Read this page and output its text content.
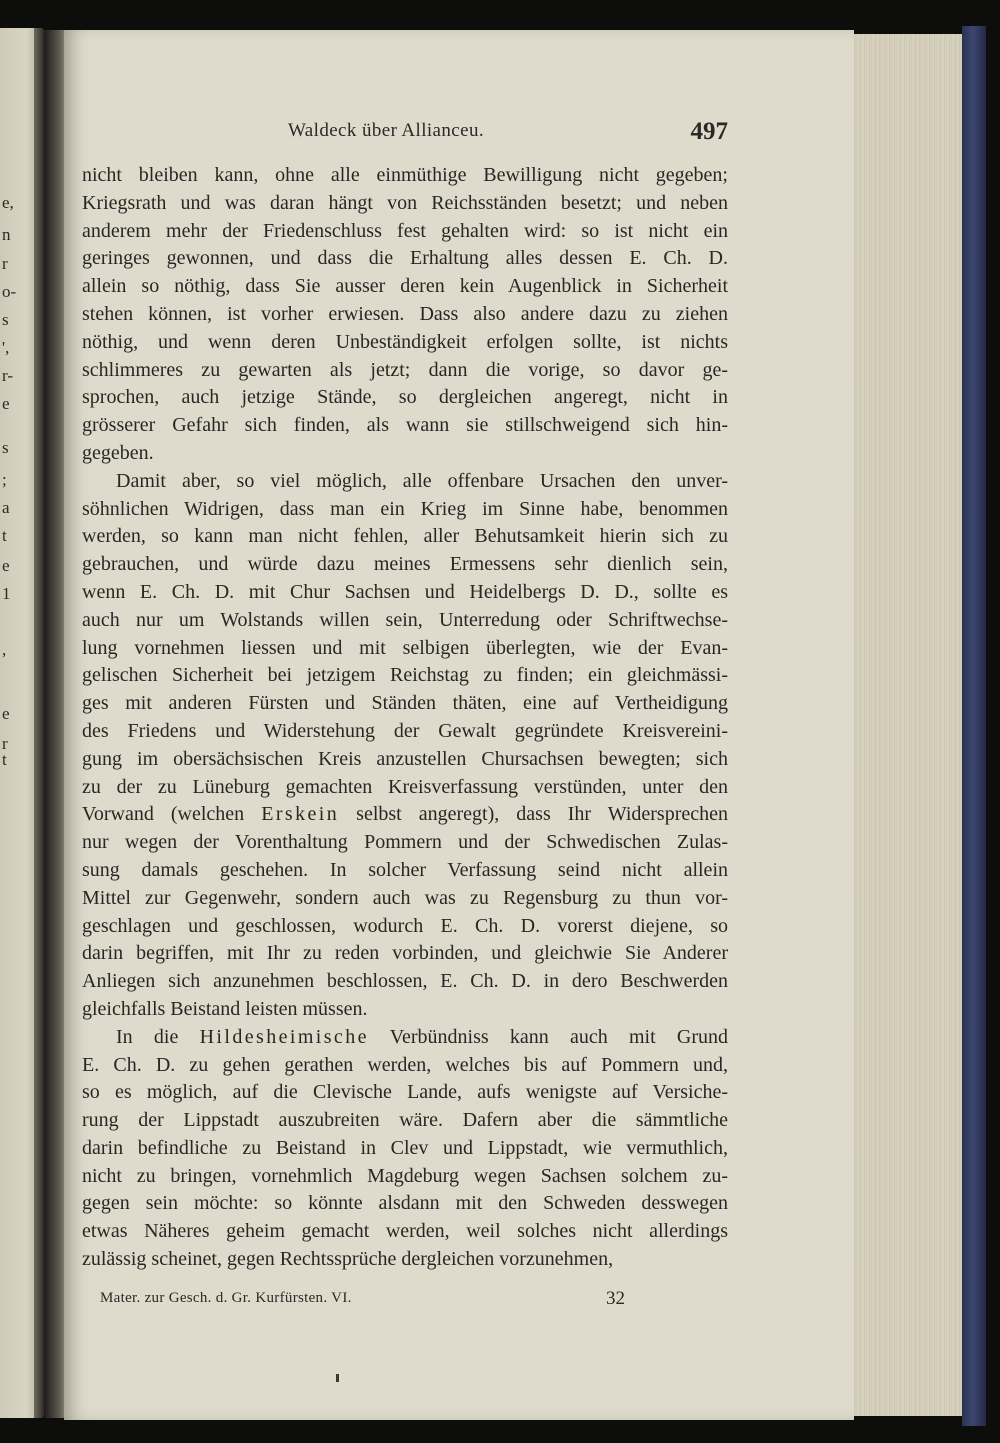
e,
n
r
o-
s
',
r-
e
s
;
a
t
e
1
,
e
r
t
Waldeck über Allianceu.	497
nicht bleiben kann, ohne alle einmüthige Bewilligung nicht gegeben;
Kriegsrath und was daran hängt von Reichsständen besetzt; und neben
anderem mehr der Friedenschluss fest gehalten wird: so ist nicht ein
geringes gewonnen, und dass die Erhaltung alles dessen E. Ch. D.
allein so nöthig, dass Sie ausser deren kein Augenblick in Sicherheit
stehen können, ist vorher erwiesen. Dass also andere dazu zu ziehen
nöthig, und wenn deren Unbeständigkeit erfolgen sollte, ist nichts
schlimmeres zu gewarten als jetzt; dann die vorige, so davor ge-
sprochen, auch jetzige Stände, so dergleichen angeregt, nicht in
grösserer Gefahr sich finden, als wann sie stillschweigend sich hin-
gegeben.
Damit aber, so viel möglich, alle offenbare Ursachen den unver-
söhnlichen Widrigen, dass man ein Krieg im Sinne habe, benommen
werden, so kann man nicht fehlen, aller Behutsamkeit hierin sich zu
gebrauchen, und würde dazu meines Ermessens sehr dienlich sein,
wenn E. Ch. D. mit Chur Sachsen und Heidelbergs D. D., sollte es
auch nur um Wolstands willen sein, Unterredung oder Schriftwechse-
lung vornehmen liessen und mit selbigen überlegten, wie der Evan-
gelischen Sicherheit bei jetzigem Reichstag zu finden; ein gleichmässi-
ges mit anderen Fürsten und Ständen thäten, eine auf Vertheidigung
des Friedens und Widerstehung der Gewalt gegründete Kreisvereini-
gung im obersächsischen Kreis anzustellen Chursachsen bewegten; sich
zu der zu Lüneburg gemachten Kreisverfassung verstünden, unter den
Vorwand (welchen Erskein selbst angeregt), dass Ihr Widersprechen
nur wegen der Vorenthaltung Pommern und der Schwedischen Zulas-
sung damals geschehen. In solcher Verfassung seind nicht allein
Mittel zur Gegenwehr, sondern auch was zu Regensburg zu thun vor-
geschlagen und geschlossen, wodurch E. Ch. D. vorerst diejene, so
darin begriffen, mit Ihr zu reden vorbinden, und gleichwie Sie Anderer
Anliegen sich anzunehmen beschlossen, E. Ch. D. in dero Beschwerden
gleichfalls Beistand leisten müssen.
In die Hildesheimische Verbündniss kann auch mit Grund
E. Ch. D. zu gehen gerathen werden, welches bis auf Pommern und,
so es möglich, auf die Clevische Lande, aufs wenigste auf Versiche-
rung der Lippstadt auszubreiten wäre. Dafern aber die sämmtliche
darin befindliche zu Beistand in Clev und Lippstadt, wie vermuthlich,
nicht zu bringen, vornehmlich Magdeburg wegen Sachsen solchem zu-
gegen sein möchte: so könnte alsdann mit den Schweden desswegen
etwas Näheres geheim gemacht werden, weil solches nicht allerdings
zulässig scheinet, gegen Rechtssprüche dergleichen vorzunehmen,
Mater. zur Gesch. d. Gr. Kurfürsten. VI.	32
